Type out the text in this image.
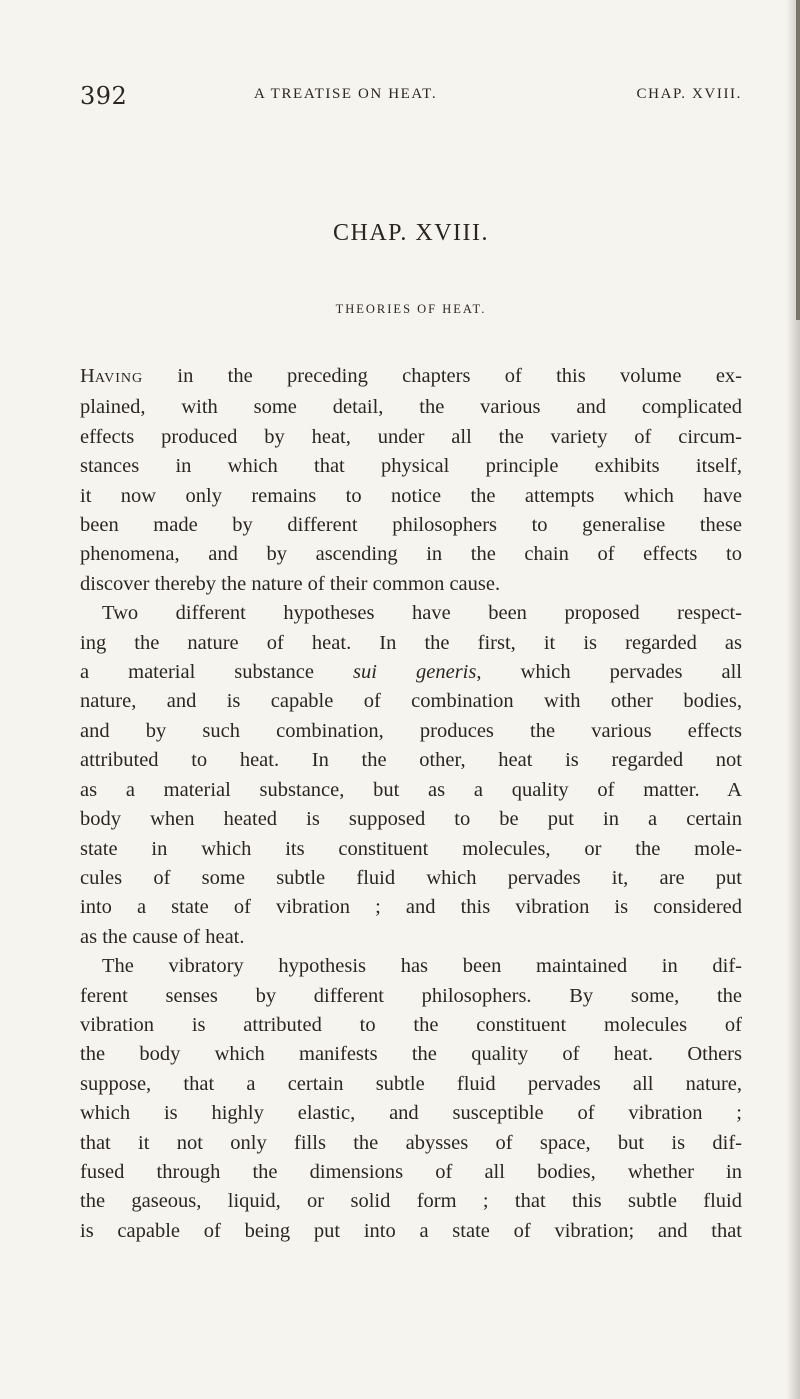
392	A TREATISE ON HEAT.	CHAP. XVIII.
CHAP. XVIII.
THEORIES OF HEAT.

HAVING in the preceding chapters of this volume ex-
plained, with some detail, the various and complicated
effects produced by heat, under all the variety of circum-
stances in which that physical principle exhibits itself,
it now only remains to notice the attempts which have
been made by different philosophers to generalise these
phenomena, and by ascending in the chain of effects to
discover thereby the nature of their common cause.

Two different hypotheses have been proposed respect-
ing the nature of heat. In the first, it is regarded as
a material substance sui generis, which pervades all
nature, and is capable of combination with other bodies,
and by such combination, produces the various effects
attributed to heat. In the other, heat is regarded not
as a material substance, but as a quality of matter. A
body when heated is supposed to be put in a certain
state in which its constituent molecules, or the mole-
cules of some subtle fluid which pervades it, are put
into a state of vibration ; and this vibration is considered
as the cause of heat.

The vibratory hypothesis has been maintained in dif-
ferent senses by different philosophers. By some, the
vibration is attributed to the constituent molecules of
the body which manifests the quality of heat. Others
suppose, that a certain subtle fluid pervades all nature,
which is highly elastic, and susceptible of vibration ;
that it not only fills the abysses of space, but is dif-
fused through the dimensions of all bodies, whether in
the gaseous, liquid, or solid form ; that this subtle fluid
is capable of being put into a state of vibration; and that
